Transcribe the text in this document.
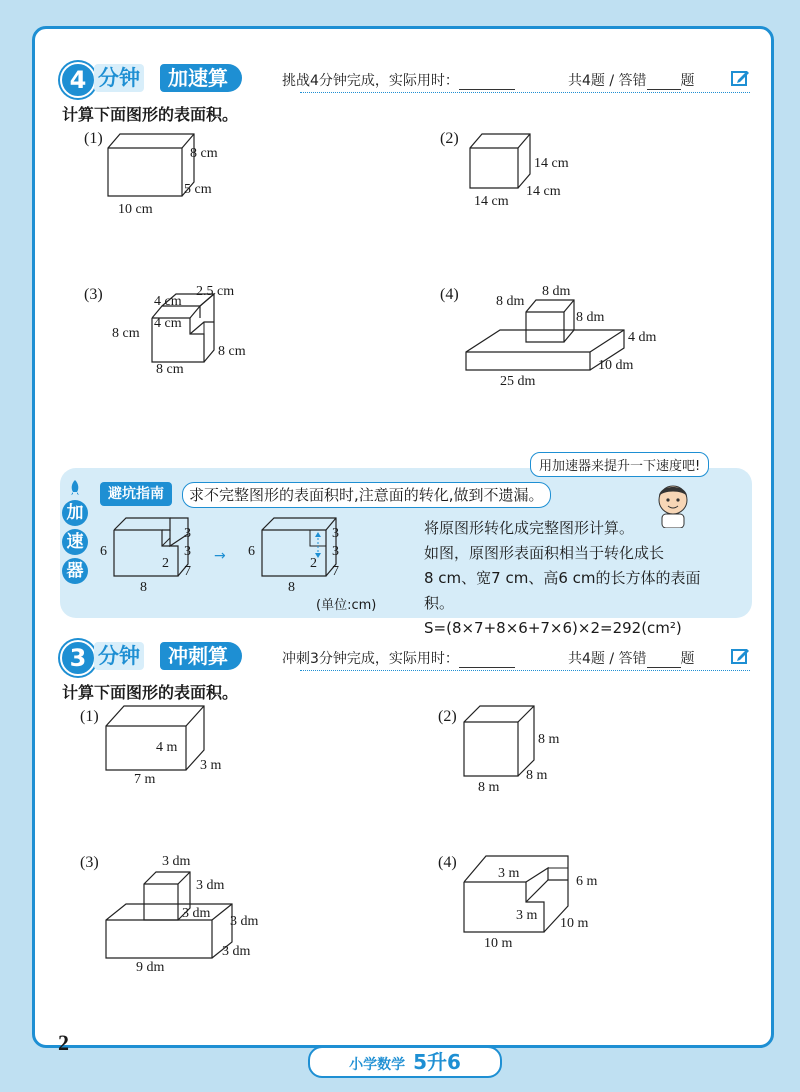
4 分钟	加速算	挑战4分钟完成，实际用时：	共4题 / 答错 题
计算下面图形的表面积。
(1)
8 cm
5 cm
10 cm
(2)
14 cm
14 cm
14 cm
(3)	2.5 cm
4 cm
4 cm
8 cm
8 cm
8 cm
(4)	8 dm
8 dm
8 dm
4 dm
10 dm
25 dm
加
速
器
避坑指南	求不完整图形的表面积时,注意面的转化,做到不遗漏。
用加速器来提升一下速度吧!
6
8
3
3
2
7
→ 6
8
3
3
2
7
(单位:cm)
将原图形转化成完整图形计算。
如图，原图形表面积相当于转化成长
8 cm、宽7 cm、高6 cm的长方体的表面积。
S=(8×7+8×6+7×6)×2=292(cm²)
3 分钟	冲刺算	冲刺3分钟完成，实际用时：	共4题 / 答错 题
计算下面图形的表面积。
(1)
4 m
3 m
7 m
(2)
8 m
8 m
8 m
(3)	3 dm
3 dm
3 dm
3 dm
3 dm
9 dm
(4)
3 m
3 m
6 m
10 m
10 m
2
小学数学 5升6
